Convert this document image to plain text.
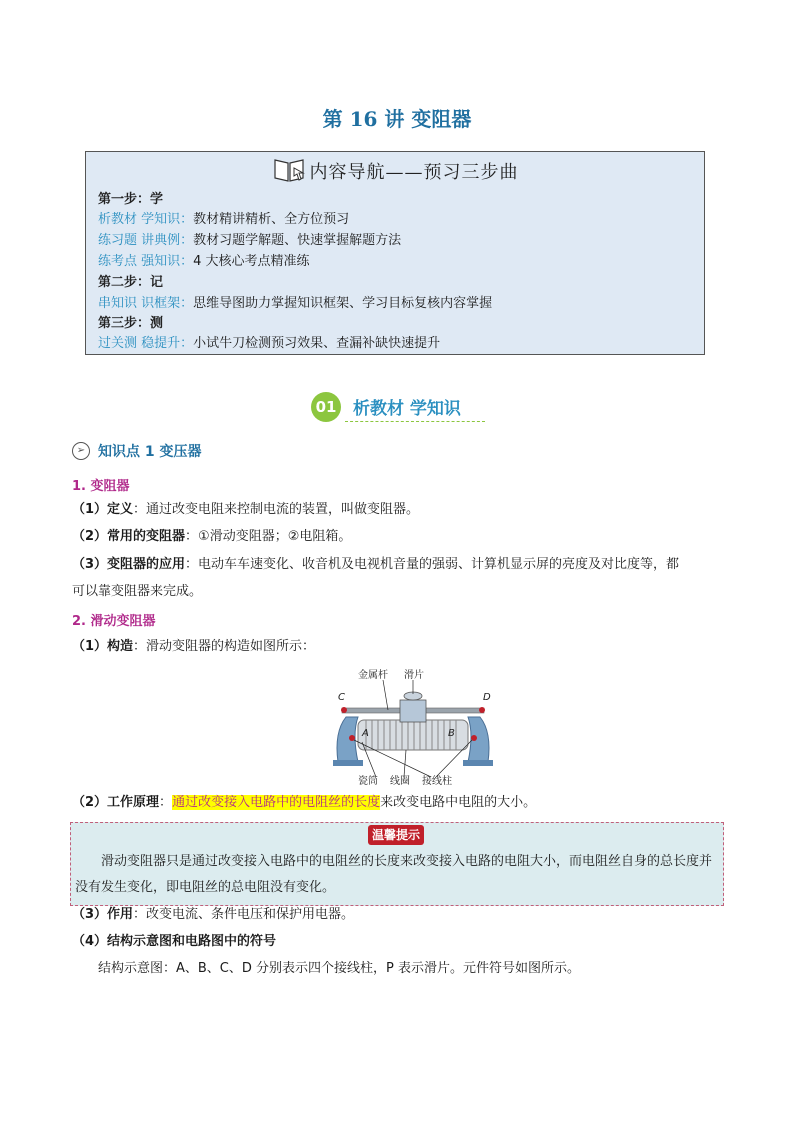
第 16 讲 变阻器
内容导航——预习三步曲
第一步：学
析教材 学知识：教材精讲精析、全方位预习
练习题 讲典例：教材习题学解题、快速掌握解题方法
练考点 强知识：4 大核心考点精准练
第二步：记
串知识 识框架：思维导图助力掌握知识框架、学习目标复核内容掌握
第三步：测
过关测 稳提升：小试牛刀检测预习效果、查漏补缺快速提升
01 析教材 学知识
➢ 知识点 1 变压器
1. 变阻器
（1）定义：通过改变电阻来控制电流的装置，叫做变阻器。
（2）常用的变阻器：①滑动变阻器；②电阻箱。
（3）变阻器的应用：电动车车速变化、收音机及电视机音量的强弱、计算机显示屏的亮度及对比度等，都
可以靠变阻器来完成。
2. 滑动变阻器
（1）构造：滑动变阻器的构造如图所示：
金属杆 滑片
C	D
A	B
瓷筒 线圈 接线柱
（2）工作原理：通过改变接入电路中的电阻丝的长度来改变电路中电阻的大小。
温馨提示
滑动变阻器只是通过改变接入电路中的电阻丝的长度来改变接入电路的电阻大小，而电阻丝自身的总长度并没有发生变化，即电阻丝的总电阻没有变化。
（3）作用：改变电流、条件电压和保护用电器。
（4）结构示意图和电路图中的符号
结构示意图：A、B、C、D 分别表示四个接线柱，P 表示滑片。元件符号如图所示。
